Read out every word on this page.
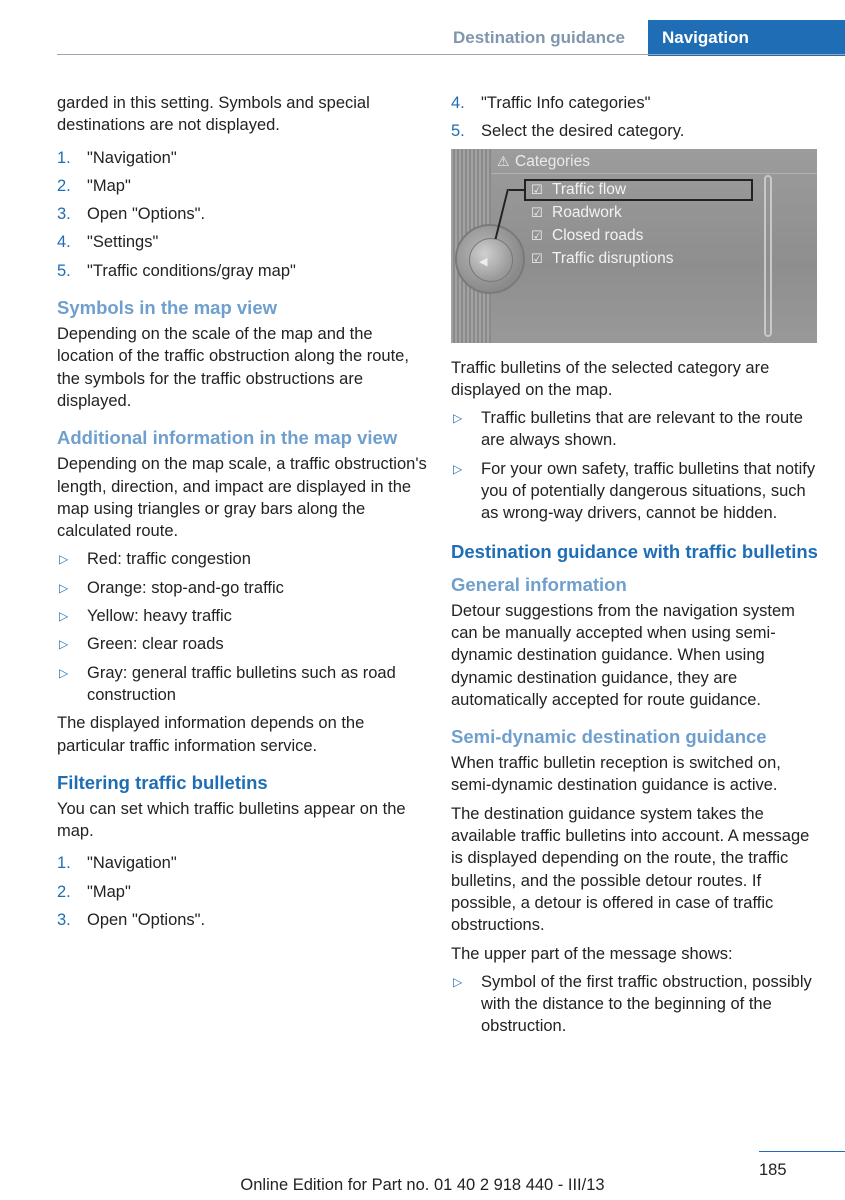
Destination guidance	Navigation

garded in this setting. Symbols and special destinations are not displayed.

1. "Navigation"
2. "Map"
3. Open "Options".
4. "Settings"
5. "Traffic conditions/gray map"
Symbols in the map view

Depending on the scale of the map and the location of the traffic obstruction along the route, the symbols for the traffic obstructions are displayed.

Additional information in the map view

Depending on the map scale, a traffic obstruction's length, direction, and impact are displayed in the map using triangles or gray bars along the calculated route.

▷ Red: traffic congestion
▷ Orange: stop-and-go traffic
▷ Yellow: heavy traffic
▷ Green: clear roads
▷ Gray: general traffic bulletins such as road construction

The displayed information depends on the particular traffic information service.

Filtering traffic bulletins

You can set which traffic bulletins appear on the map.

1. "Navigation"
2. "Map"
3. Open "Options".
4. "Traffic Info categories"
5. Select the desired category.
◀
⚠ Categories
☑ Traffic flow
☑ Roadwork
☑ Closed roads
☑ Traffic disruptions

Traffic bulletins of the selected category are displayed on the map.

▷ Traffic bulletins that are relevant to the route are always shown.
▷ For your own safety, traffic bulletins that notify you of potentially dangerous situations, such as wrong-way drivers, cannot be hidden.
Destination guidance with traffic bulletins
General information

Detour suggestions from the navigation system can be manually accepted when using semi-dynamic destination guidance. When using dynamic destination guidance, they are automatically accepted for route guidance.

Semi-dynamic destination guidance

When traffic bulletin reception is switched on, semi-dynamic destination guidance is active.

The destination guidance system takes the available traffic bulletins into account. A message is displayed depending on the route, the traffic bulletins, and the possible detour routes. If possible, a detour is offered in case of traffic obstructions.

The upper part of the message shows:

▷ Symbol of the first traffic obstruction, possibly with the distance to the beginning of the obstruction.
185
Online Edition for Part no. 01 40 2 918 440 - III/13
